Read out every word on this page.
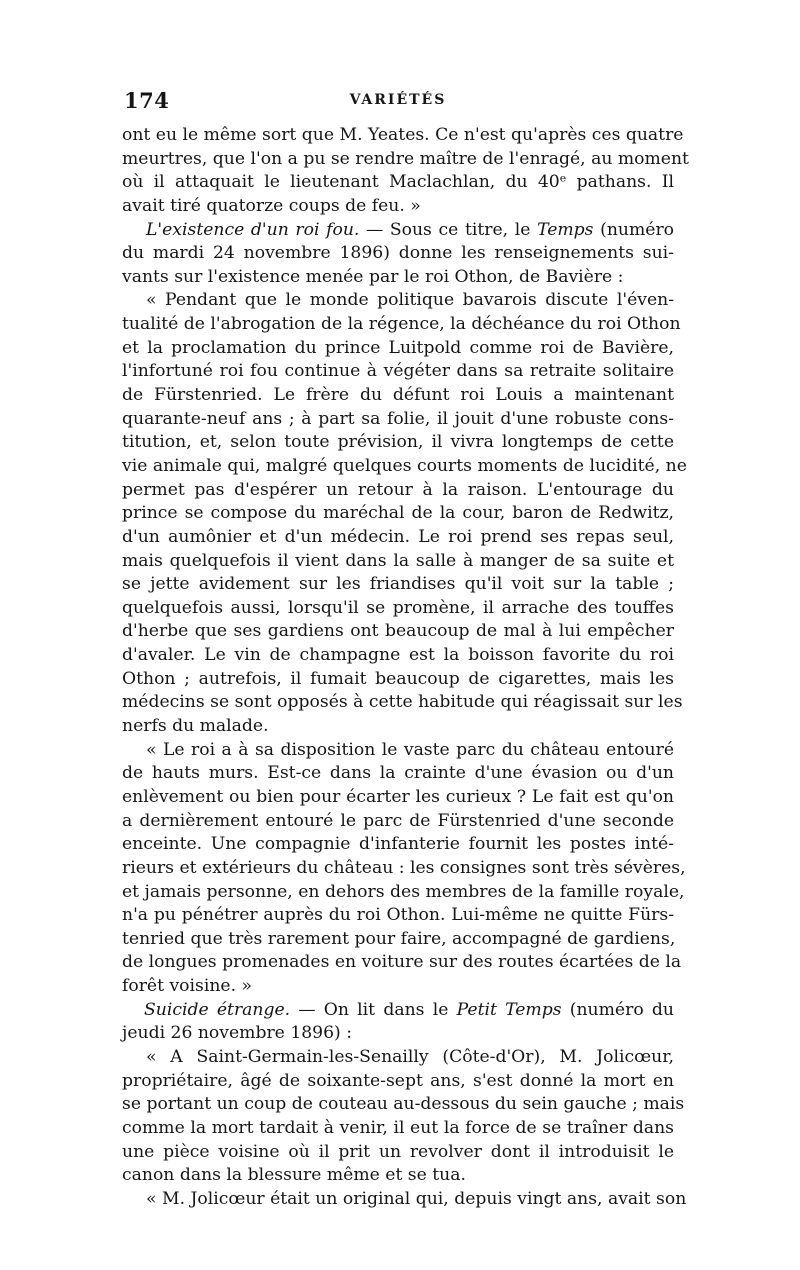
174	VARIÉTÉS
ont eu le même sort que M. Yeates. Ce n'est qu'après ces quatre
meurtres, que l'on a pu se rendre maître de l'enragé, au moment
où il attaquait le lieutenant Maclachlan, du 40ᵉ pathans. Il
avait tiré quatorze coups de feu. »
L'existence d'un roi fou. — Sous ce titre, le Temps (numéro
du mardi 24 novembre 1896) donne les renseignements sui-
vants sur l'existence menée par le roi Othon, de Bavière :
« Pendant que le monde politique bavarois discute l'éven-
tualité de l'abrogation de la régence, la déchéance du roi Othon
et la proclamation du prince Luitpold comme roi de Bavière,
l'infortuné roi fou continue à végéter dans sa retraite solitaire
de Fürstenried. Le frère du défunt roi Louis a maintenant
quarante-neuf ans ; à part sa folie, il jouit d'une robuste cons-
titution, et, selon toute prévision, il vivra longtemps de cette
vie animale qui, malgré quelques courts moments de lucidité, ne
permet pas d'espérer un retour à la raison. L'entourage du
prince se compose du maréchal de la cour, baron de Redwitz,
d'un aumônier et d'un médecin. Le roi prend ses repas seul,
mais quelquefois il vient dans la salle à manger de sa suite et
se jette avidement sur les friandises qu'il voit sur la table ;
quelquefois aussi, lorsqu'il se promène, il arrache des touffes
d'herbe que ses gardiens ont beaucoup de mal à lui empêcher
d'avaler. Le vin de champagne est la boisson favorite du roi
Othon ; autrefois, il fumait beaucoup de cigarettes, mais les
médecins se sont opposés à cette habitude qui réagissait sur les
nerfs du malade.
« Le roi a à sa disposition le vaste parc du château entouré
de hauts murs. Est-ce dans la crainte d'une évasion ou d'un
enlèvement ou bien pour écarter les curieux ? Le fait est qu'on
a dernièrement entouré le parc de Fürstenried d'une seconde
enceinte. Une compagnie d'infanterie fournit les postes inté-
rieurs et extérieurs du château : les consignes sont très sévères,
et jamais personne, en dehors des membres de la famille royale,
n'a pu pénétrer auprès du roi Othon. Lui-même ne quitte Fürs-
tenried que très rarement pour faire, accompagné de gardiens,
de longues promenades en voiture sur des routes écartées de la
forêt voisine. »
Suicide étrange. — On lit dans le Petit Temps (numéro du
jeudi 26 novembre 1896) :
« A Saint-Germain-les-Senailly (Côte-d'Or), M. Jolicœur,
propriétaire, âgé de soixante-sept ans, s'est donné la mort en
se portant un coup de couteau au-dessous du sein gauche ; mais
comme la mort tardait à venir, il eut la force de se traîner dans
une pièce voisine où il prit un revolver dont il introduisit le
canon dans la blessure même et se tua.
« M. Jolicœur était un original qui, depuis vingt ans, avait son
